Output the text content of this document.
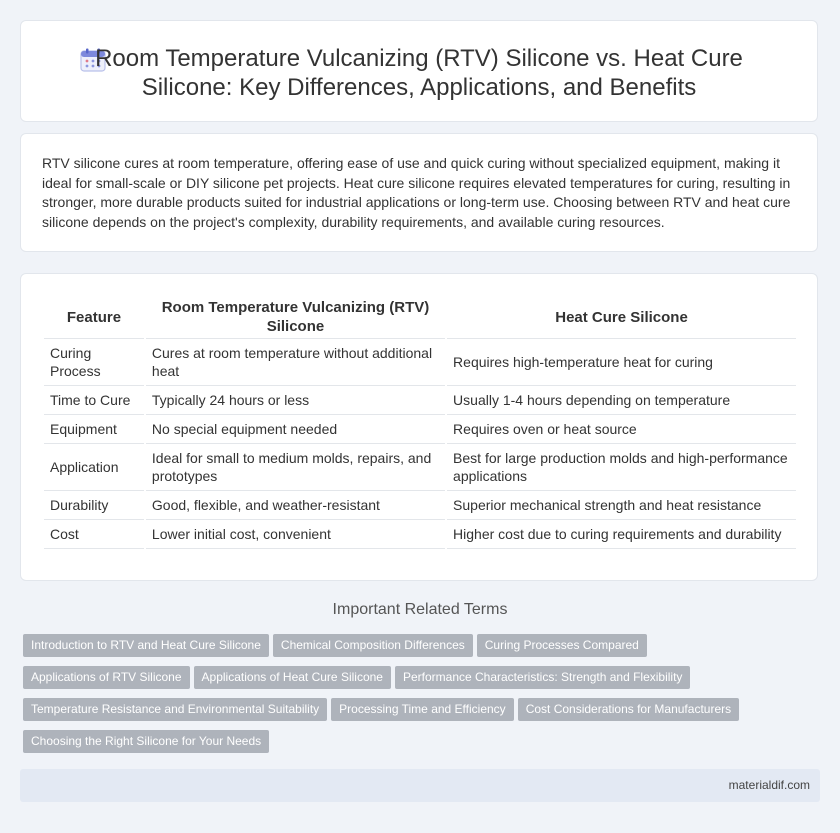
Room Temperature Vulcanizing (RTV) Silicone vs. Heat Cure Silicone: Key Differences, Applications, and Benefits

RTV silicone cures at room temperature, offering ease of use and quick curing without specialized equipment, making it ideal for small-scale or DIY silicone pet projects. Heat cure silicone requires elevated temperatures for curing, resulting in stronger, more durable products suited for industrial applications or long-term use. Choosing between RTV and heat cure silicone depends on the project's complexity, durability requirements, and available curing resources.

Feature	Room Temperature Vulcanizing (RTV) Silicone	Heat Cure Silicone
Curing Process	Cures at room temperature without additional heat	Requires high-temperature heat for curing
Time to Cure	Typically 24 hours or less	Usually 1-4 hours depending on temperature
Equipment	No special equipment needed	Requires oven or heat source
Application	Ideal for small to medium molds, repairs, and prototypes	Best for large production molds and high-performance applications
Durability	Good, flexible, and weather-resistant	Superior mechanical strength and heat resistance
Cost	Lower initial cost, convenient	Higher cost due to curing requirements and durability
Important Related Terms
Introduction to RTV and Heat Cure Silicone Chemical Composition Differences Curing Processes Compared
Applications of RTV Silicone Applications of Heat Cure Silicone Performance Characteristics: Strength and Flexibility
Temperature Resistance and Environmental Suitability Processing Time and Efficiency Cost Considerations for Manufacturers
Choosing the Right Silicone for Your Needs
materialdif.com
